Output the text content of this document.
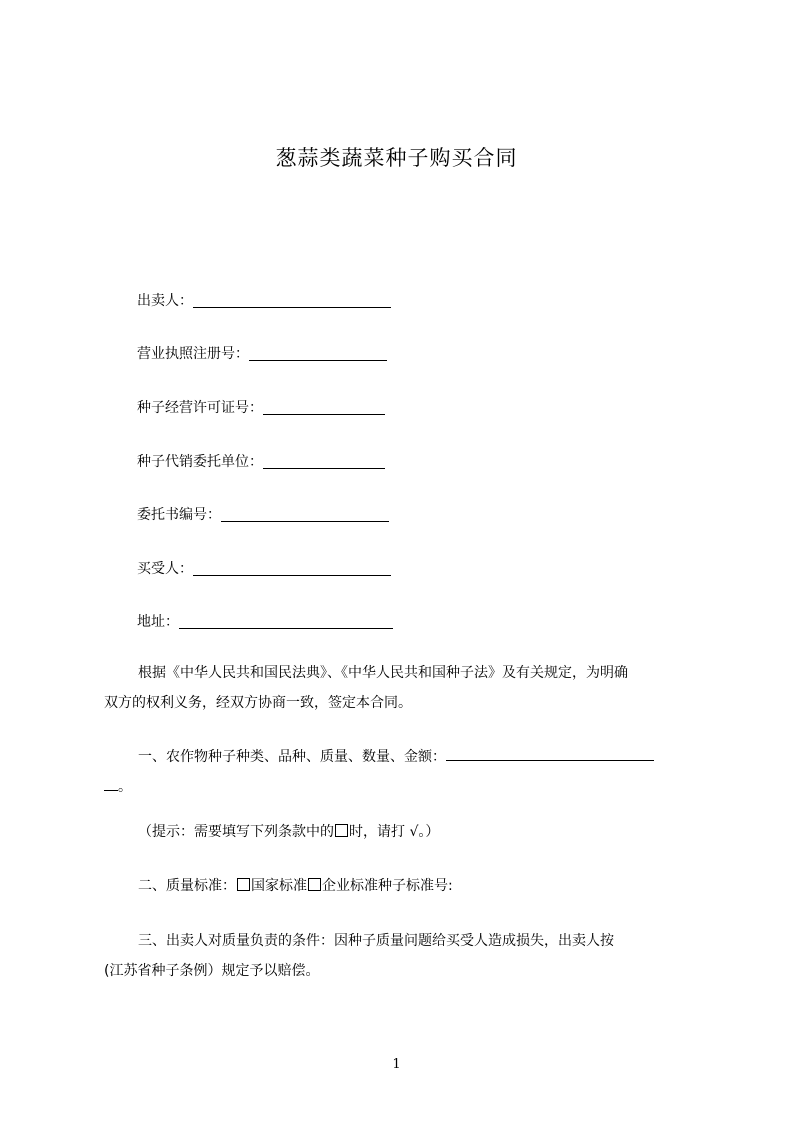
葱蒜类蔬菜种子购买合同
出卖人：
营业执照注册号：
种子经营许可证号：
种子代销委托单位：
委托书编号：
买受人：
地址：
根据《中华人民共和国民法典》、《中华人民共和国种子法》及有关规定，为明确
双方的权利义务，经双方协商一致，签定本合同。
一、农作物种子种类、品种、质量、数量、金额：
。
（提示：需要填写下列条款中的 时，请打 √。）
二、质量标准： 国家标准 企业标准种子标准号:
三、出卖人对质量负责的条件：因种子质量问题给买受人造成损失，出卖人按
(江苏省种子条例）规定予以赔偿。
1
